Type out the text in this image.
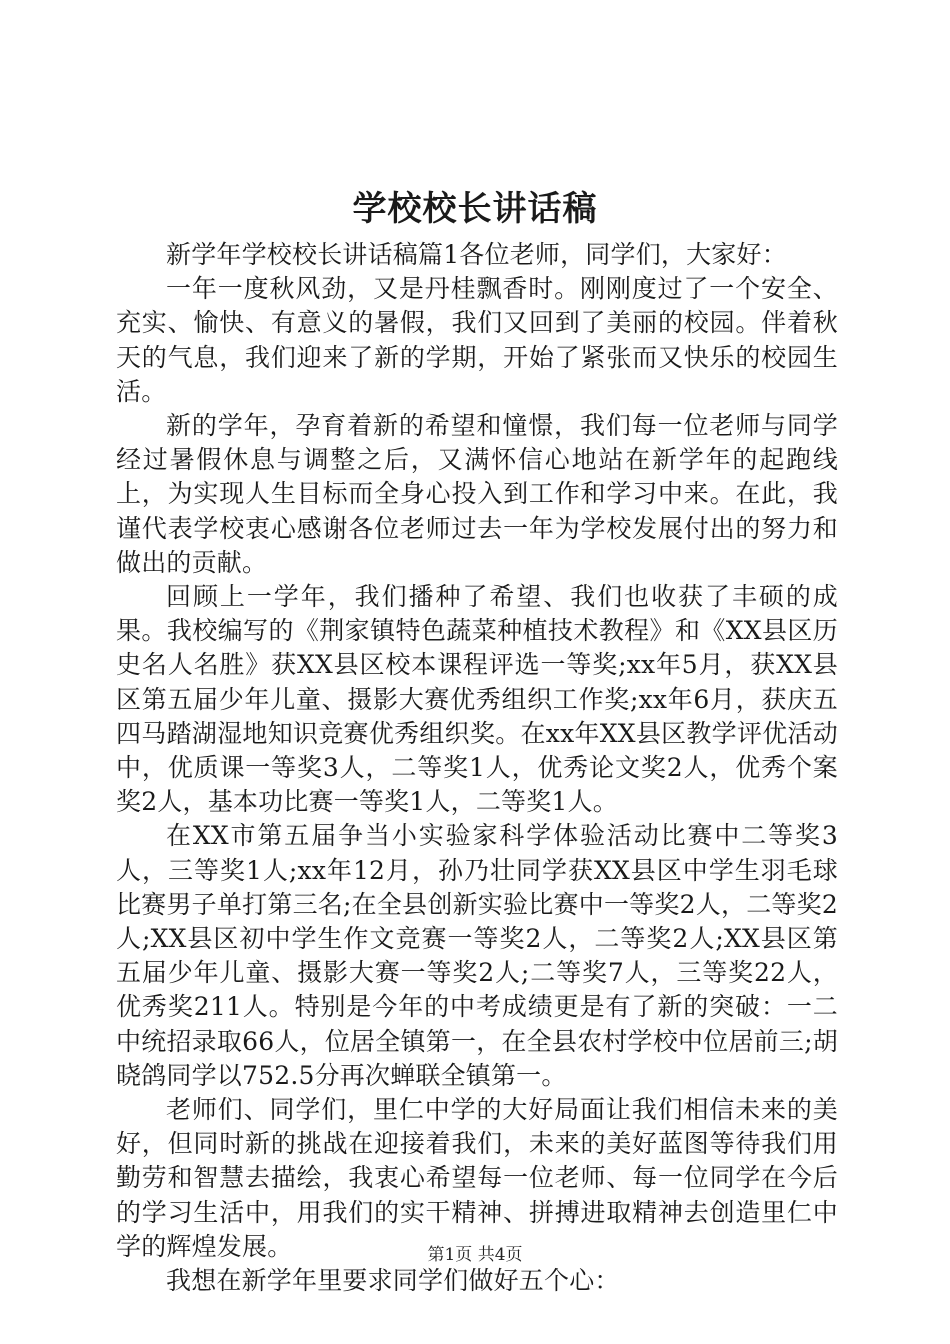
学校校长讲话稿

新学年学校校长讲话稿篇1各位老师，同学们，大家好：

一年一度秋风劲，又是丹桂飘香时。刚刚度过了一个安全、充实、愉快、有意义的暑假，我们又回到了美丽的校园。伴着秋天的气息，我们迎来了新的学期，开始了紧张而又快乐的校园生活。

新的学年，孕育着新的希望和憧憬，我们每一位老师与同学经过暑假休息与调整之后，又满怀信心地站在新学年的起跑线上，为实现人生目标而全身心投入到工作和学习中来。在此，我谨代表学校衷心感谢各位老师过去一年为学校发展付出的努力和做出的贡献。

回顾上一学年，我们播种了希望、我们也收获了丰硕的成果。我校编写的《荆家镇特色蔬菜种植技术教程》和《XX县区历史名人名胜》获XX县区校本课程评选一等奖;xx年5月，获XX县区第五届少年儿童、摄影大赛优秀组织工作奖;xx年6月，获庆五四马踏湖湿地知识竞赛优秀组织奖。在xx年XX县区教学评优活动中，优质课一等奖3人，二等奖1人，优秀论文奖2人，优秀个案奖2人，基本功比赛一等奖1人，二等奖1人。

在XX市第五届争当小实验家科学体验活动比赛中二等奖3人，三等奖1人;xx年12月，孙乃壮同学获XX县区中学生羽毛球比赛男子单打第三名;在全县创新实验比赛中一等奖2人，二等奖2人;XX县区初中学生作文竞赛一等奖2人，二等奖2人;XX县区第五届少年儿童、摄影大赛一等奖2人;二等奖7人，三等奖22人，优秀奖211人。特别是今年的中考成绩更是有了新的突破：一二中统招录取66人，位居全镇第一，在全县农村学校中位居前三;胡晓鸽同学以752.5分再次蝉联全镇第一。

老师们、同学们，里仁中学的大好局面让我们相信未来的美好，但同时新的挑战在迎接着我们，未来的美好蓝图等待我们用勤劳和智慧去描绘，我衷心希望每一位老师、每一位同学在今后的学习生活中，用我们的实干精神、拼搏进取精神去创造里仁中学的辉煌发展。

我想在新学年里要求同学们做好五个心：

第1页 共4页
